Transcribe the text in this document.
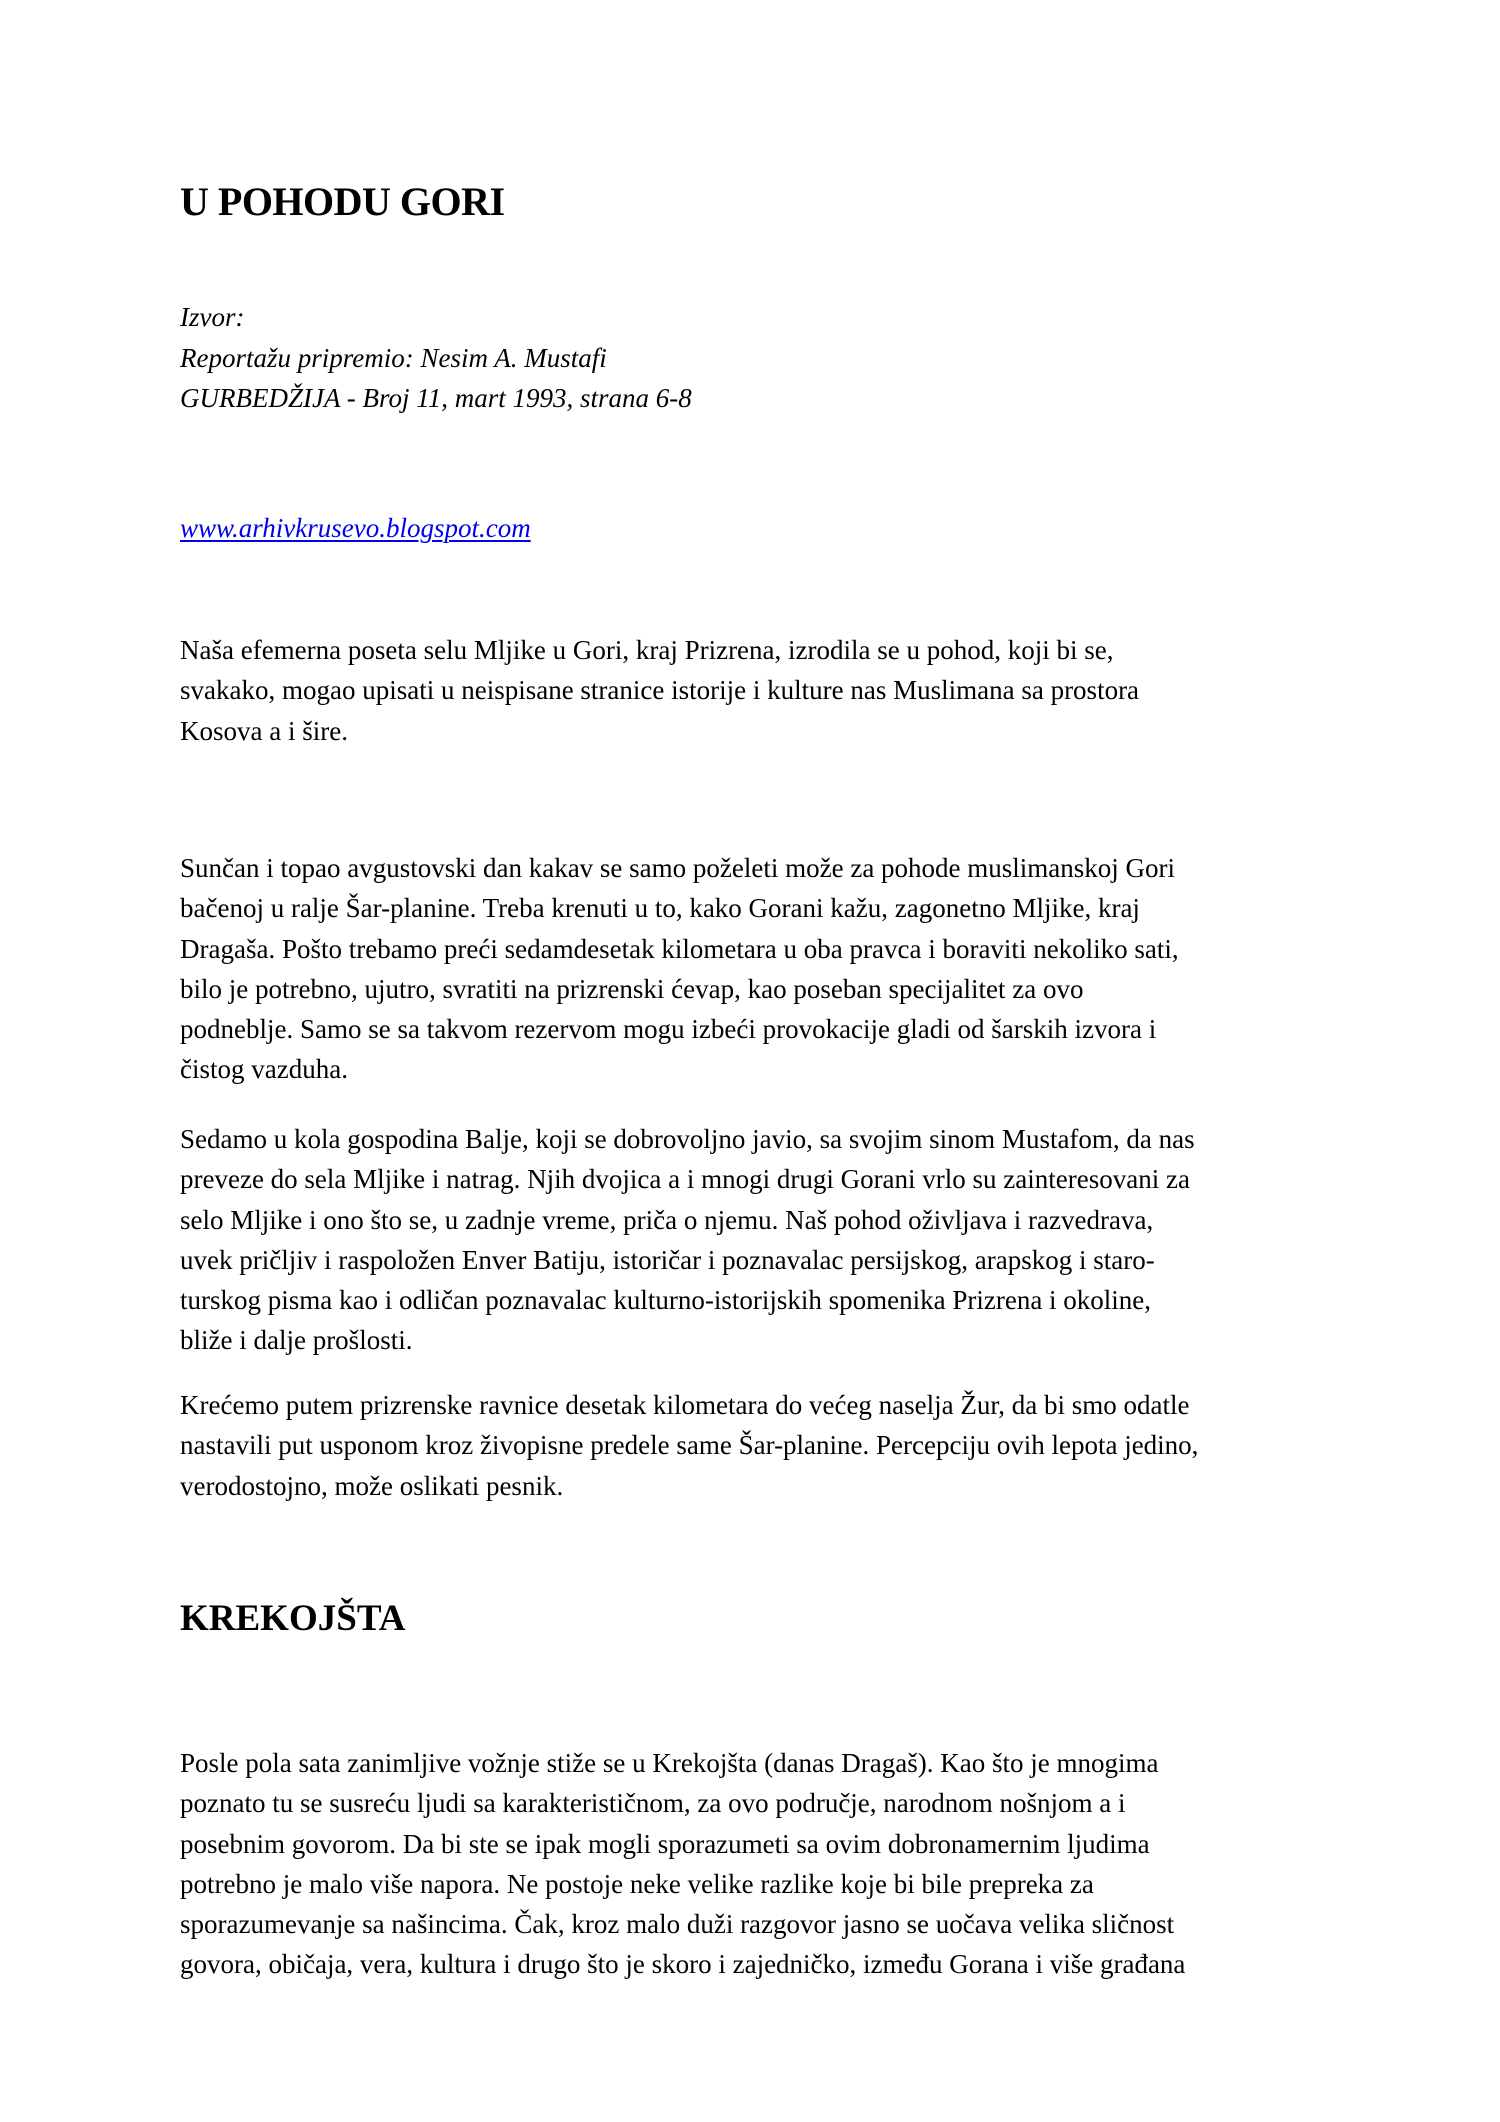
U POHODU GORI
Izvor:
Reportažu pripremio: Nesim A. Mustafi
GURBEDŽIJA - Broj 11, mart 1993, strana 6-8
www.arhivkrusevo.blogspot.com

Naša efemerna poseta selu Mljike u Gori, kraj Prizrena, izrodila se u pohod, koji bi se,
svakako, mogao upisati u neispisane stranice istorije i kulture nas Muslimana sa prostora
Kosova a i šire.

Sunčan i topao avgustovski dan kakav se samo poželeti može za pohode muslimanskoj Gori
bačenoj u ralje Šar-planine. Treba krenuti u to, kako Gorani kažu, zagonetno Mljike, kraj
Dragaša. Pošto trebamo preći sedamdesetak kilometara u oba pravca i boraviti nekoliko sati,
bilo je potrebno, ujutro, svratiti na prizrenski ćevap, kao poseban specijalitet za ovo
podneblje. Samo se sa takvom rezervom mogu izbeći provokacije gladi od šarskih izvora i
čistog vazduha.

Sedamo u kola gospodina Balje, koji se dobrovoljno javio, sa svojim sinom Mustafom, da nas
preveze do sela Mljike i natrag. Njih dvojica a i mnogi drugi Gorani vrlo su zainteresovani za
selo Mljike i ono što se, u zadnje vreme, priča o njemu. Naš pohod oživljava i razvedrava,
uvek pričljiv i raspoložen Enver Batiju, istoričar i poznavalac persijskog, arapskog i staro-
turskog pisma kao i odličan poznavalac kulturno-istorijskih spomenika Prizrena i okoline,
bliže i dalje prošlosti.

Krećemo putem prizrenske ravnice desetak kilometara do većeg naselja Žur, da bi smo odatle
nastavili put usponom kroz živopisne predele same Šar-planine. Percepciju ovih lepota jedino,
verodostojno, može oslikati pesnik.

KREKOJŠTA

Posle pola sata zanimljive vožnje stiže se u Krekojšta (danas Dragaš). Kao što je mnogima
poznato tu se susreću ljudi sa karakterističnom, za ovo područje, narodnom nošnjom a i
posebnim govorom. Da bi ste se ipak mogli sporazumeti sa ovim dobronamernim ljudima
potrebno je malo više napora. Ne postoje neke velike razlike koje bi bile prepreka za
sporazumevanje sa našincima. Čak, kroz malo duži razgovor jasno se uočava velika sličnost
govora, običaja, vera, kultura i drugo što je skoro i zajedničko, između Gorana i više građana
